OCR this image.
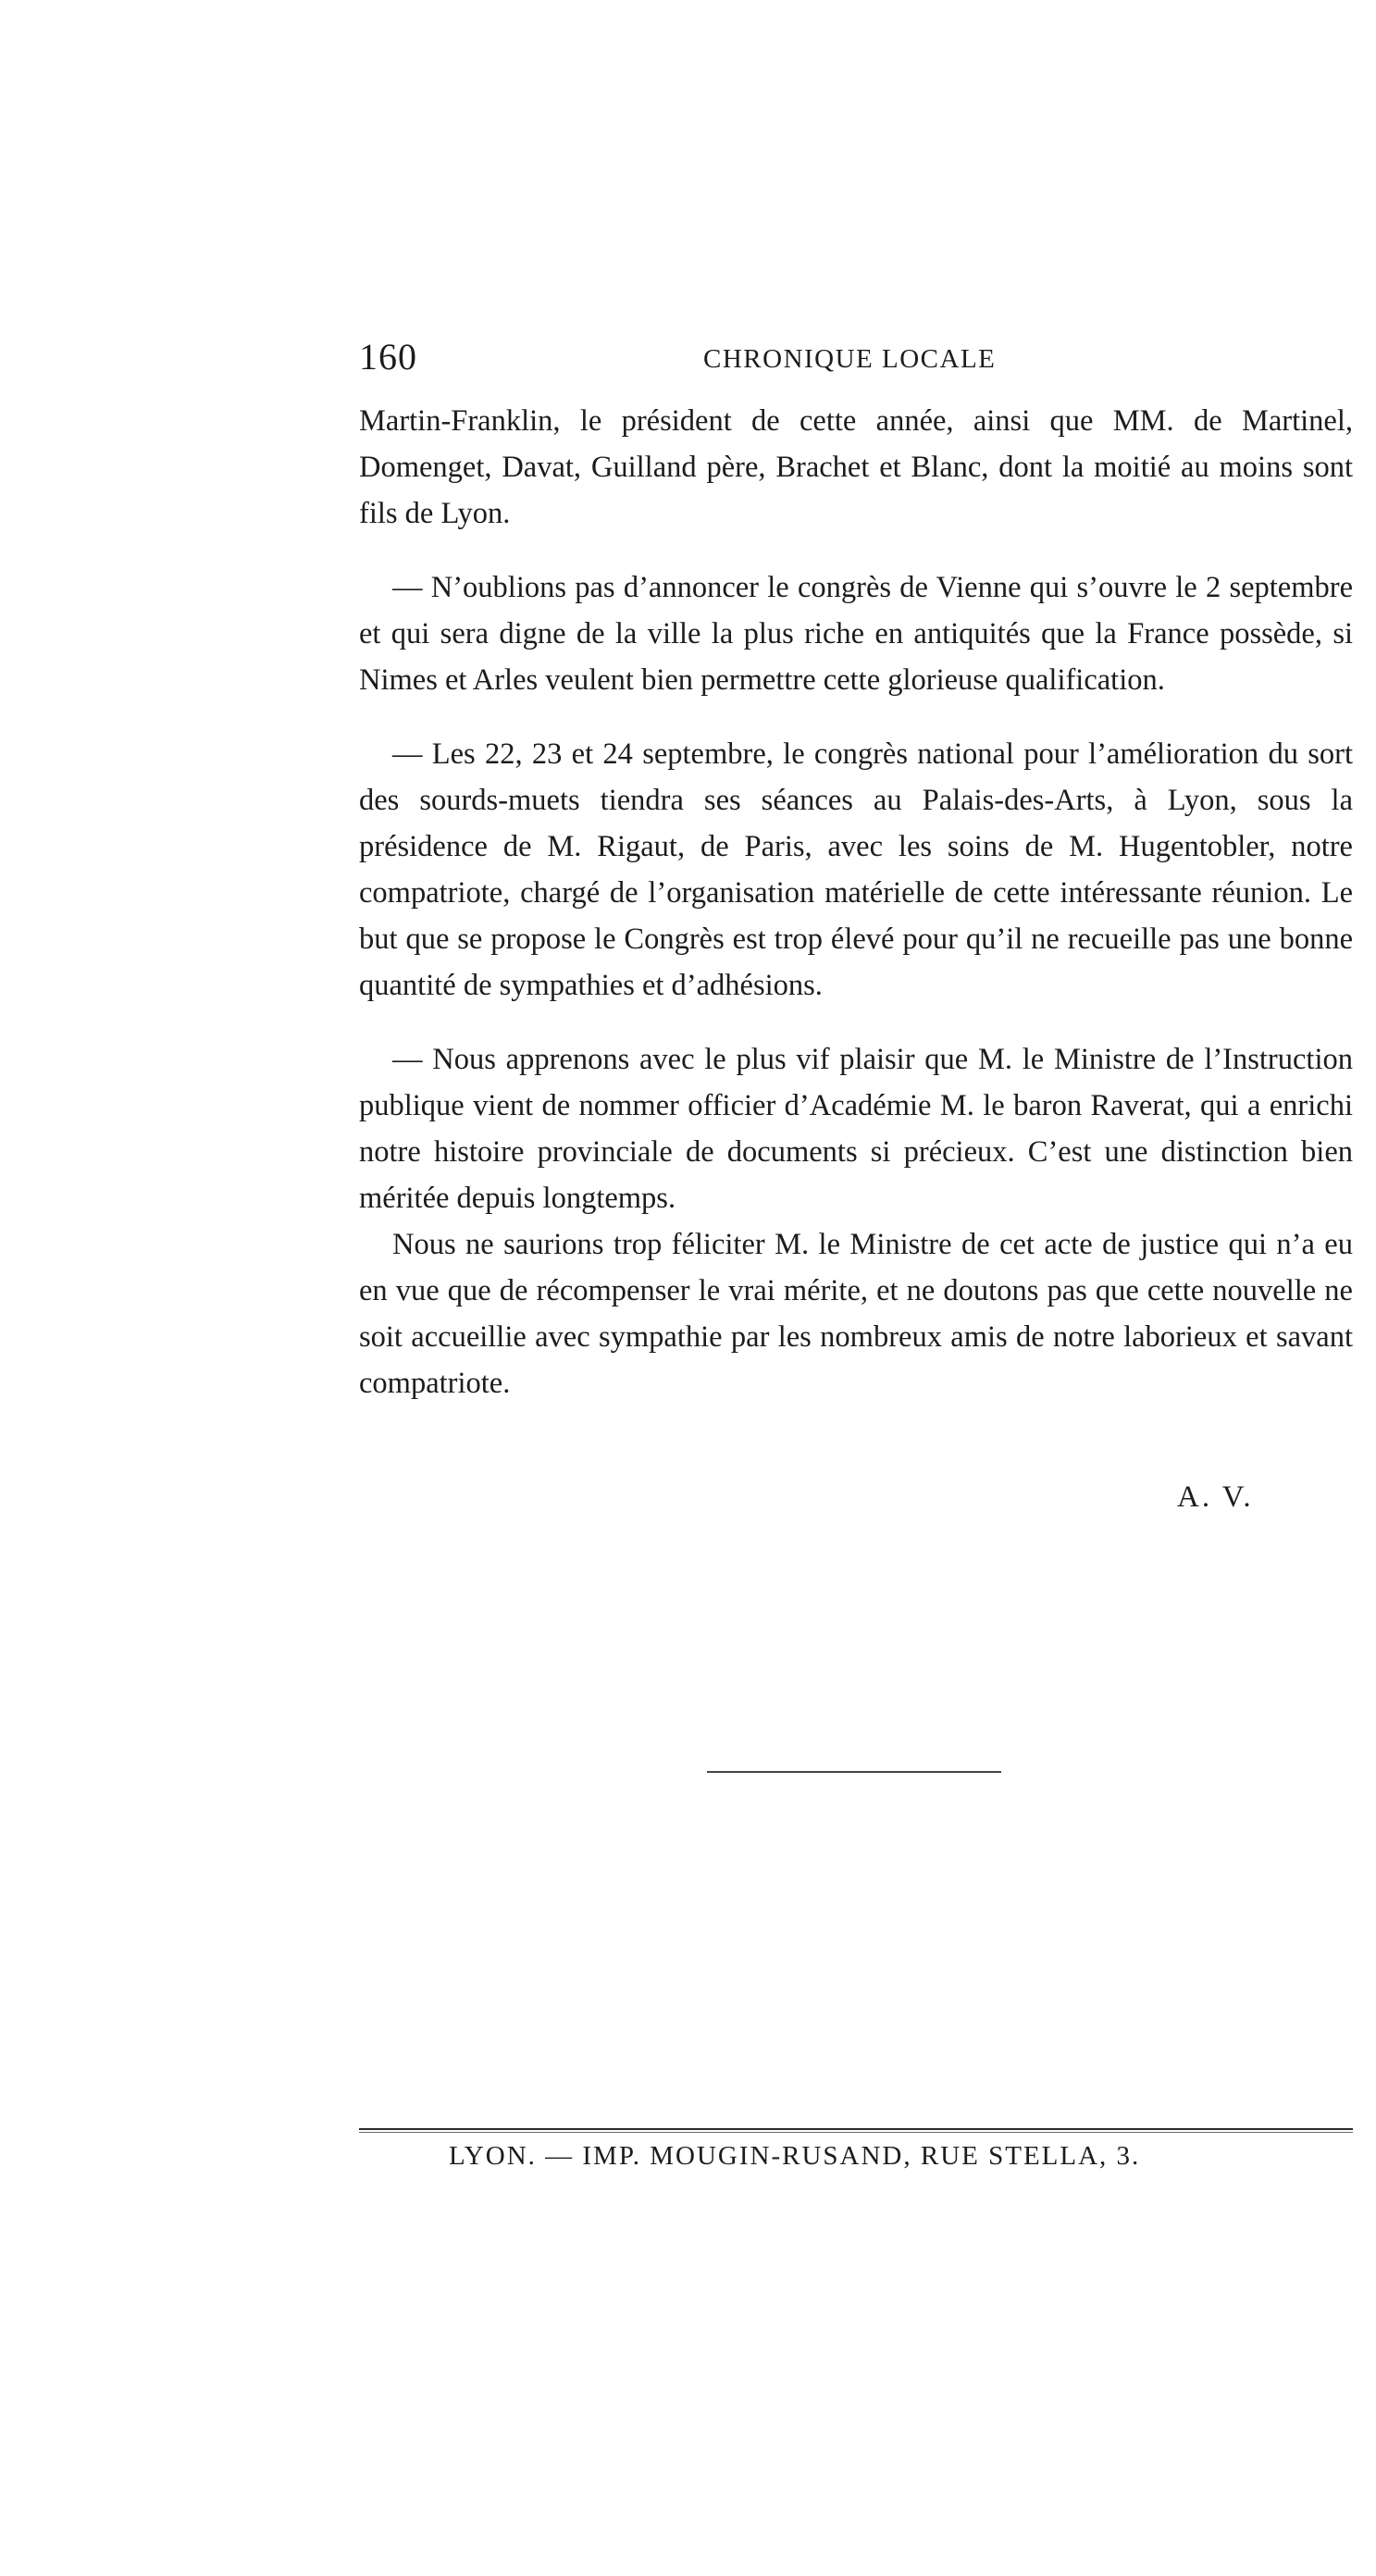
160	CHRONIQUE LOCALE

Martin-Franklin, le président de cette année, ainsi que MM. de Martinel, Domenget, Davat, Guilland père, Brachet et Blanc, dont la moitié au moins sont fils de Lyon.

— N’oublions pas d’annoncer le congrès de Vienne qui s’ouvre le 2 septembre et qui sera digne de la ville la plus riche en antiquités que la France possède, si Nimes et Arles veulent bien permettre cette glorieuse qualification.

— Les 22, 23 et 24 septembre, le congrès national pour l’amélioration du sort des sourds-muets tiendra ses séances au Palais-des-Arts, à Lyon, sous la présidence de M. Rigaut, de Paris, avec les soins de M. Hugentobler, notre compatriote, chargé de l’organisation matérielle de cette intéressante réunion. Le but que se propose le Congrès est trop élevé pour qu’il ne recueille pas une bonne quantité de sympathies et d’adhésions.

— Nous apprenons avec le plus vif plaisir que M. le Ministre de l’Instruction publique vient de nommer officier d’Académie M. le baron Raverat, qui a enrichi notre histoire provinciale de documents si précieux. C’est une distinction bien méritée depuis longtemps.

Nous ne saurions trop féliciter M. le Ministre de cet acte de justice qui n’a eu en vue que de récompenser le vrai mérite, et ne doutons pas que cette nouvelle ne soit accueillie avec sympathie par les nombreux amis de notre laborieux et savant compatriote.

A. V.
LYON. — IMP. MOUGIN-RUSAND, RUE STELLA, 3.
